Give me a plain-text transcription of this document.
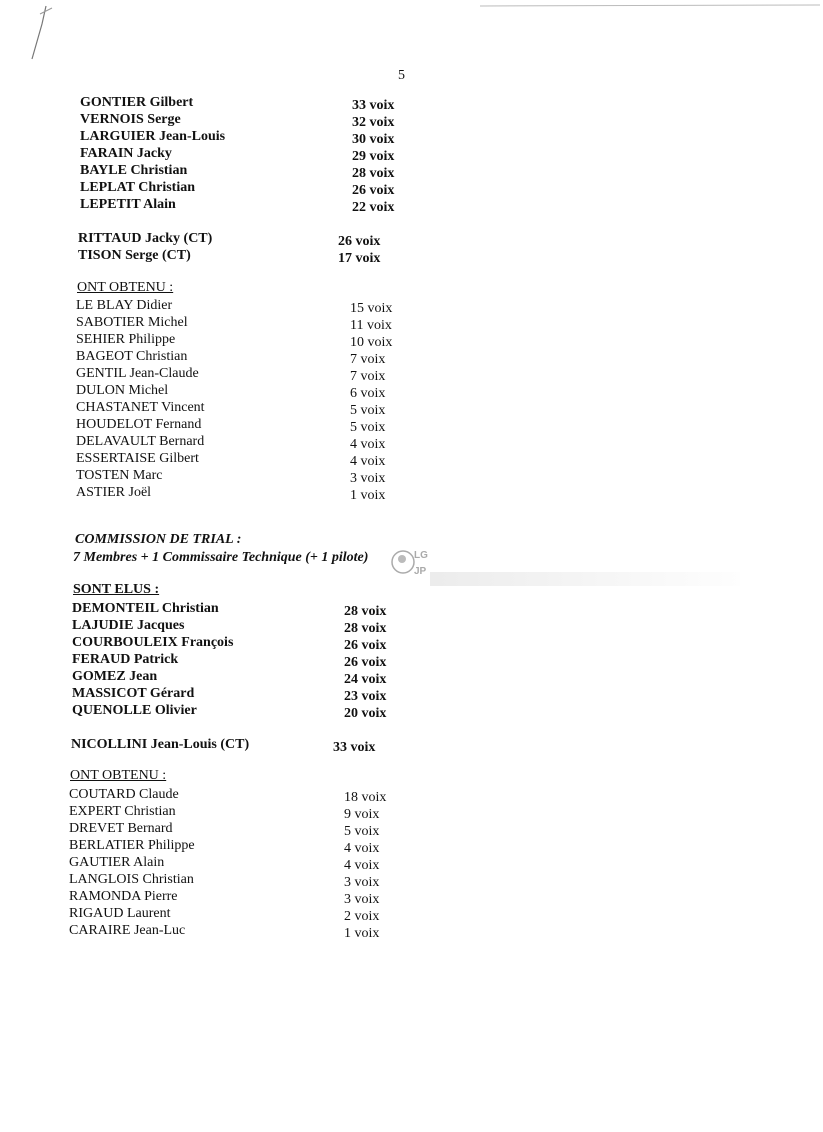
5
GONTIER Gilbert	33 voix
VERNOIS Serge	32 voix
LARGUIER Jean-Louis	30 voix
FARAIN Jacky	29 voix
BAYLE Christian	28 voix
LEPLAT Christian	26 voix
LEPETIT Alain	22 voix
RITTAUD Jacky (CT)	26 voix
TISON Serge (CT)	17 voix
ONT OBTENU :
LE BLAY Didier	15 voix
SABOTIER Michel	11 voix
SEHIER Philippe	10 voix
BAGEOT Christian	7 voix
GENTIL Jean-Claude	7 voix
DULON Michel	6 voix
CHASTANET Vincent	5 voix
HOUDELOT Fernand	5 voix
DELAVAULT Bernard	4 voix
ESSERTAISE Gilbert	4 voix
TOSTEN Marc	3 voix
ASTIER Joël	1 voix
COMMISSION DE TRIAL :
7 Membres + 1 Commissaire Technique (+ 1 pilote)	LG
JP
SONT ELUS :
DEMONTEIL Christian	28 voix
LAJUDIE Jacques	28 voix
COURBOULEIX François	26 voix
FERAUD Patrick	26 voix
GOMEZ Jean	24 voix
MASSICOT Gérard	23 voix
QUENOLLE Olivier	20 voix
NICOLLINI Jean-Louis (CT)	33 voix
ONT OBTENU :
COUTARD Claude	18 voix
EXPERT Christian	9 voix
DREVET Bernard	5 voix
BERLATIER Philippe	4 voix
GAUTIER Alain	4 voix
LANGLOIS Christian	3 voix
RAMONDA Pierre	3 voix
RIGAUD Laurent	2 voix
CARAIRE Jean-Luc	1 voix
